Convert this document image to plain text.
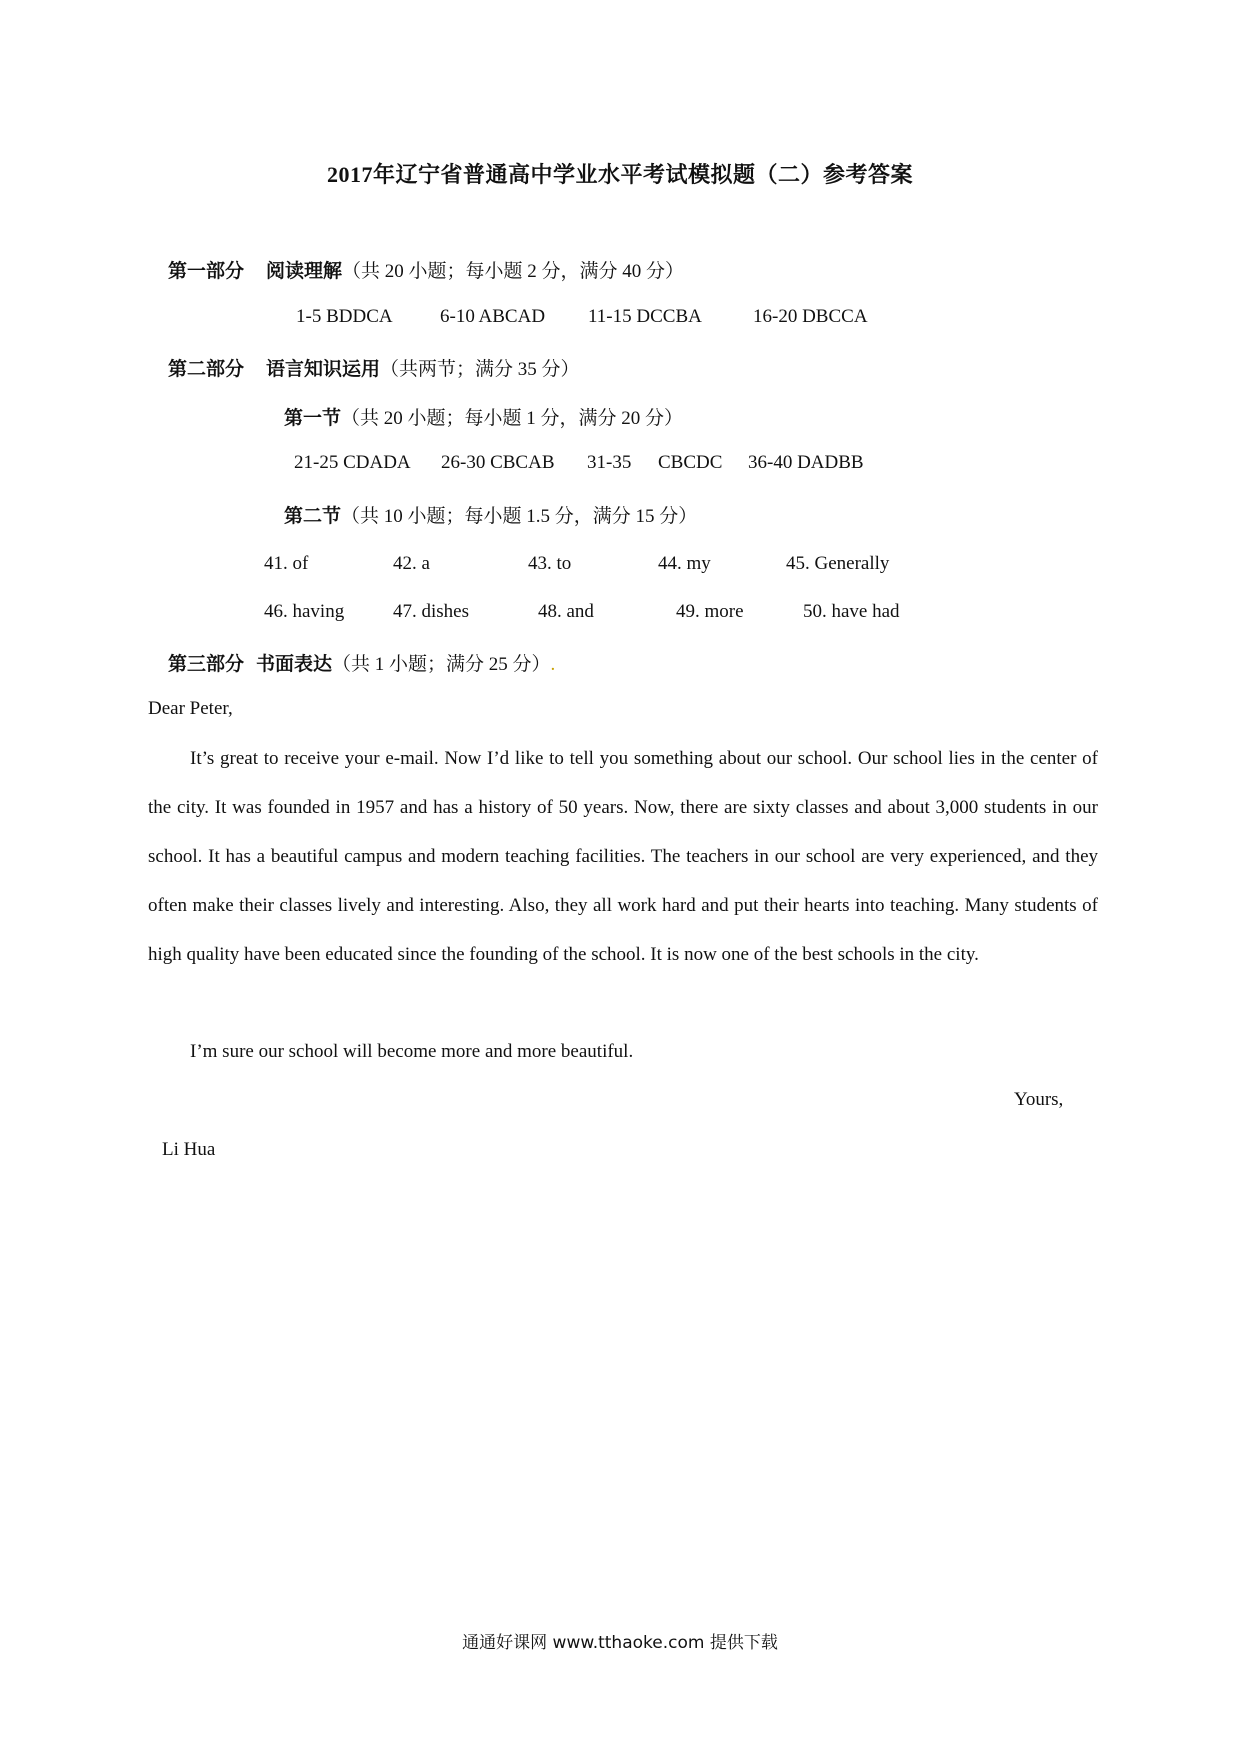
2017年辽宁省普通高中学业水平考试模拟题（二）参考答案
第一部分 阅读理解（共 20 小题；每小题 2 分，满分 40 分）
1-5 BDDCA 6-10 ABCAD 11-15 DCCBA	16-20 DBCCA
第二部分 语言知识运用（共两节；满分 35 分）
第一节（共 20 小题；每小题 1 分，满分 20 分）
21-25 CDADA 26-30 CBCAB 31-35 CBCDC 36-40 DADBB
第二节（共 10 小题；每小题 1.5 分，满分 15 分）
41. of	42. a	43. to	44. my	45. Generally
46. having	47. dishes	48. and	49. more	50. have had
第三部分 书面表达（共 1 小题；满分 25 分）.
Dear Peter,
It’s great to receive your e-mail. Now I’d like to tell you something about our school. Our school lies in the center of the city. It was founded in 1957 and has a history of 50 years. Now, there are sixty classes and about 3,000 students in our school. It has a beautiful campus and modern teaching facilities. The teachers in our school are very experienced, and they often make their classes lively and interesting. Also, they all work hard and put their hearts into teaching. Many students of high quality have been educated since the founding of the school. It is now one of the best schools in the city.
I’m sure our school will become more and more beautiful.
Yours,
Li Hua
通通好课网 www.tthaoke.com 提供下载
